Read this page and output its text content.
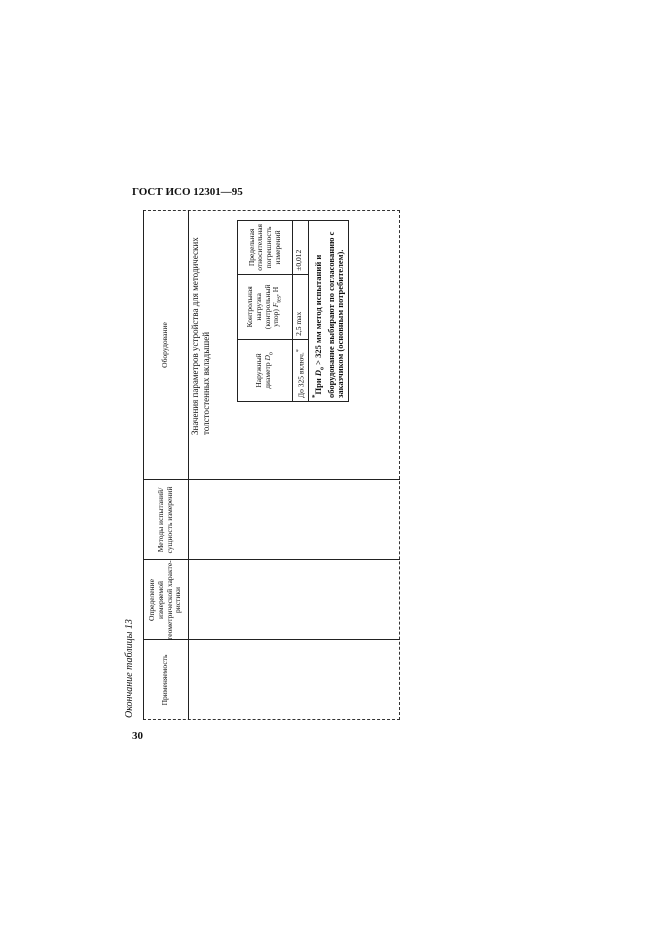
ГОСТ ИСО 12301—95
30
Окончание таблицы 13	Применяемость
Определение измеряемой геометрической характе-ристики
Методы испытаний/ сущность измерений
Оборудование	Значения параметров устройства для методических толстостенных вкладышей	Наружный диаметр $D_o$	Контрольная нагрузка (контрольный упор) $F_{tes}$, Н	Предельная относительная погрешность измерений
До 325 включ.*	2,5 max	±0,012
*При $D_o > 325$ мм метод испытаний и оборудование выбирают по согласованию с заказчиком (основным потребителем).		
